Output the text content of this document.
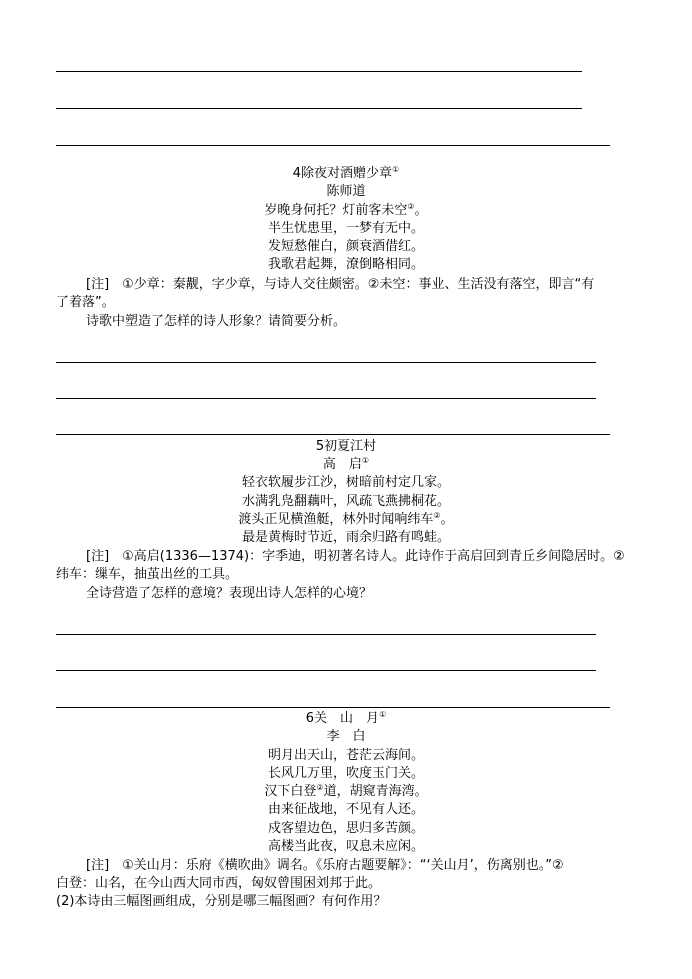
4除夜对酒赠少章①
陈师道
岁晚身何托？灯前客未空②。
半生忧患里，一梦有无中。
发短愁催白，颜衰酒借红。
我歌君起舞，潦倒略相同。
[注]　①少章：秦觏，字少章，与诗人交往颇密。②未空：事业、生活没有落空，即言“有
了着落”。
诗歌中塑造了怎样的诗人形象？请简要分析。
5初夏江村
高　启①
轻衣软履步江沙，树暗前村定几家。
水满乳凫翻藕叶，风疏飞燕拂桐花。
渡头正见横渔艇，林外时闻响纬车②。
最是黄梅时节近，雨余归路有鸣蛙。
[注]　①高启(1336—1374)：字季迪，明初著名诗人。此诗作于高启回到青丘乡间隐居时。②
纬车：缫车，抽茧出丝的工具。
全诗营造了怎样的意境？表现出诗人怎样的心境？
6关　山　月①
李　白
明月出天山，苍茫云海间。
长风几万里，吹度玉门关。
汉下白登②道，胡窥青海湾。
由来征战地，不见有人还。
戍客望边色，思归多苦颜。
高楼当此夜，叹息未应闲。
[注]　①关山月：乐府《横吹曲》调名。《乐府古题要解》：“‘关山月’，伤离别也。”②
白登：山名，在今山西大同市西，匈奴曾围困刘邦于此。
(2)本诗由三幅图画组成，分别是哪三幅图画？有何作用？
